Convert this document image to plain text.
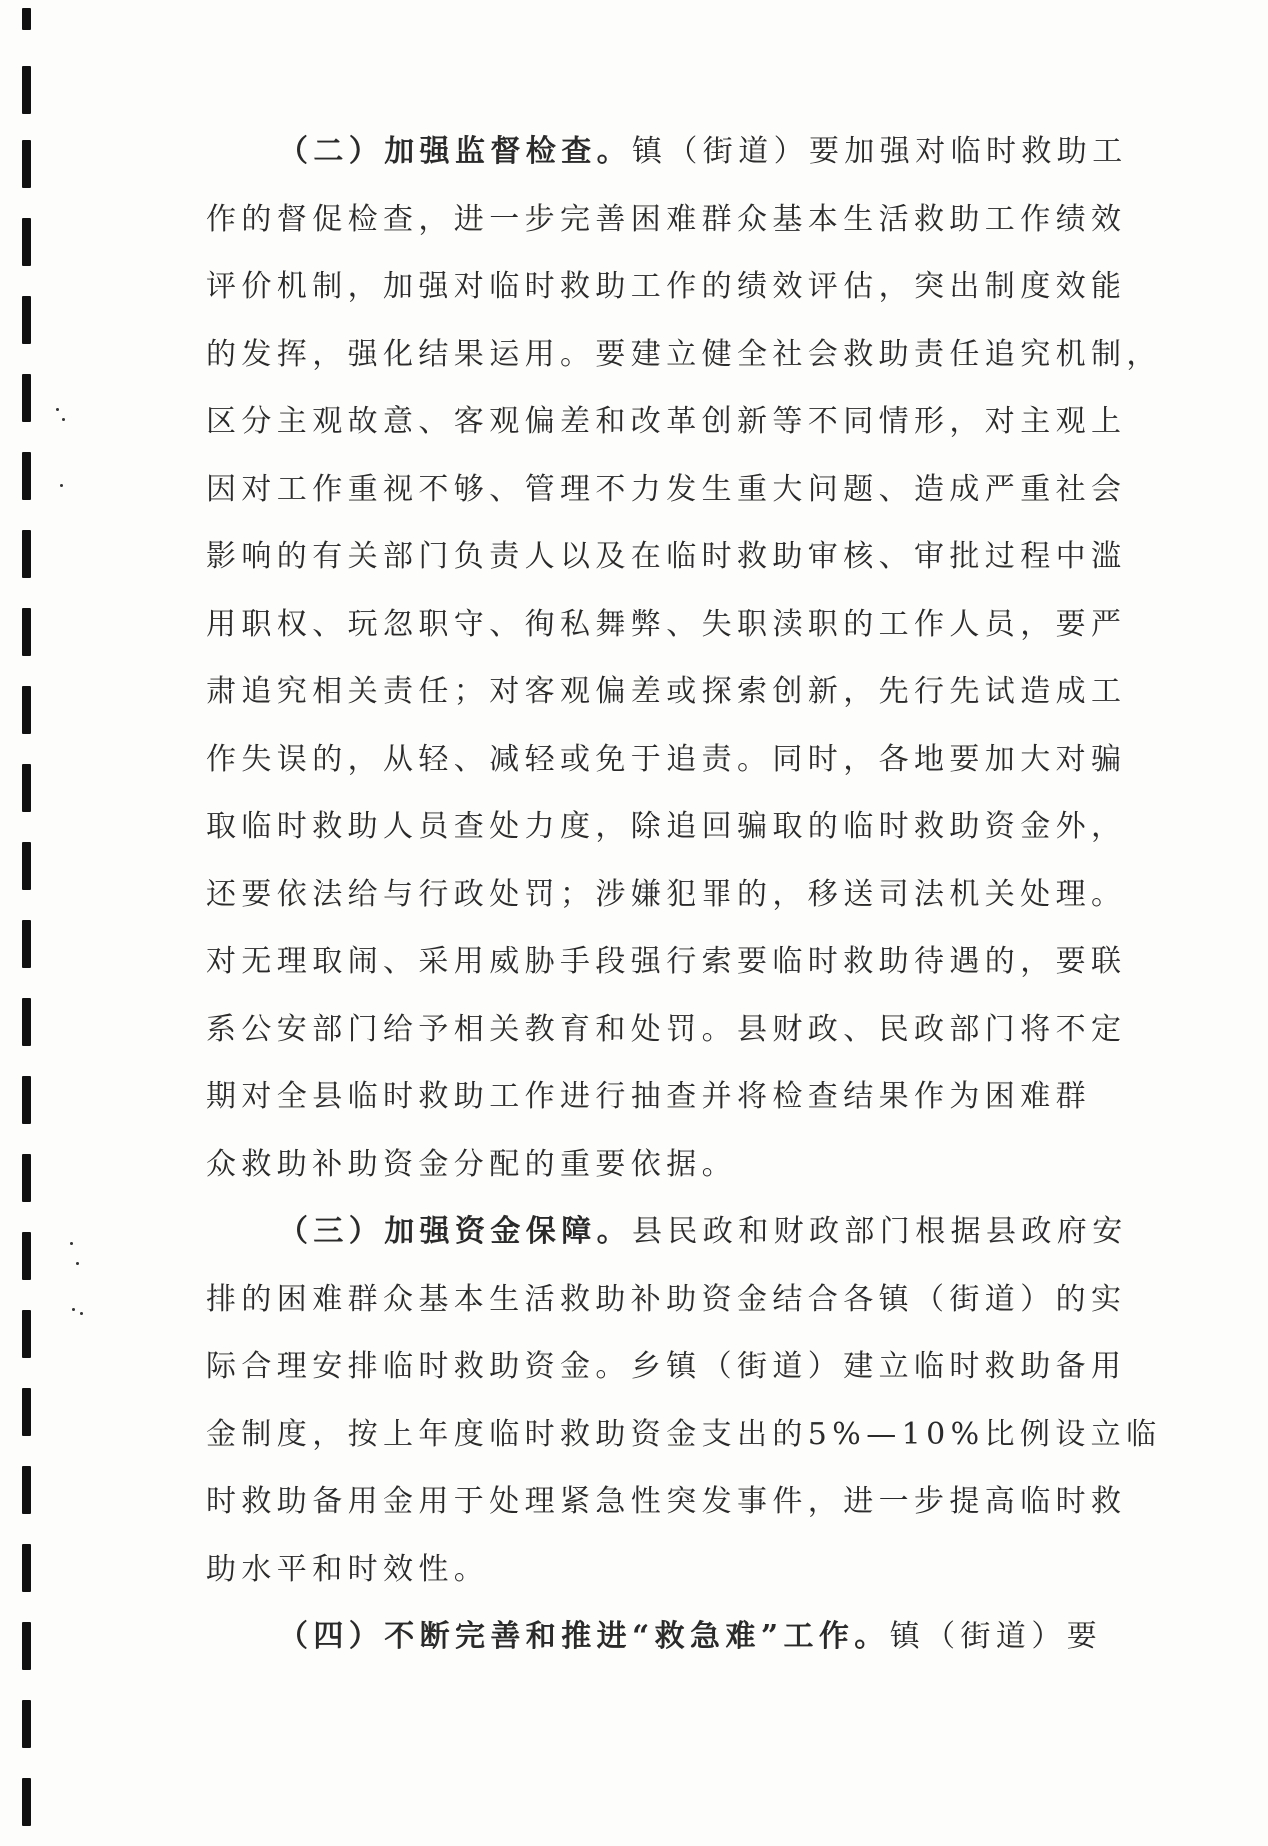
（二）加强监督检查。镇（街道）要加强对临时救助工
作的督促检查，进一步完善困难群众基本生活救助工作绩效
评价机制，加强对临时救助工作的绩效评估，突出制度效能
的发挥，强化结果运用。要建立健全社会救助责任追究机制，
区分主观故意、客观偏差和改革创新等不同情形，对主观上
因对工作重视不够、管理不力发生重大问题、造成严重社会
影响的有关部门负责人以及在临时救助审核、审批过程中滥
用职权、玩忽职守、徇私舞弊、失职渎职的工作人员，要严
肃追究相关责任；对客观偏差或探索创新，先行先试造成工
作失误的，从轻、减轻或免于追责。同时，各地要加大对骗
取临时救助人员查处力度，除追回骗取的临时救助资金外，
还要依法给与行政处罚；涉嫌犯罪的，移送司法机关处理。
对无理取闹、采用威胁手段强行索要临时救助待遇的，要联
系公安部门给予相关教育和处罚。县财政、民政部门将不定
期对全县临时救助工作进行抽查并将检查结果作为困难群
众救助补助资金分配的重要依据。
（三）加强资金保障。县民政和财政部门根据县政府安
排的困难群众基本生活救助补助资金结合各镇（街道）的实
际合理安排临时救助资金。乡镇（街道）建立临时救助备用
金制度，按上年度临时救助资金支出的5%—10%比例设立临
时救助备用金用于处理紧急性突发事件，进一步提高临时救
助水平和时效性。
（四）不断完善和推进“救急难”工作。镇（街道）要
